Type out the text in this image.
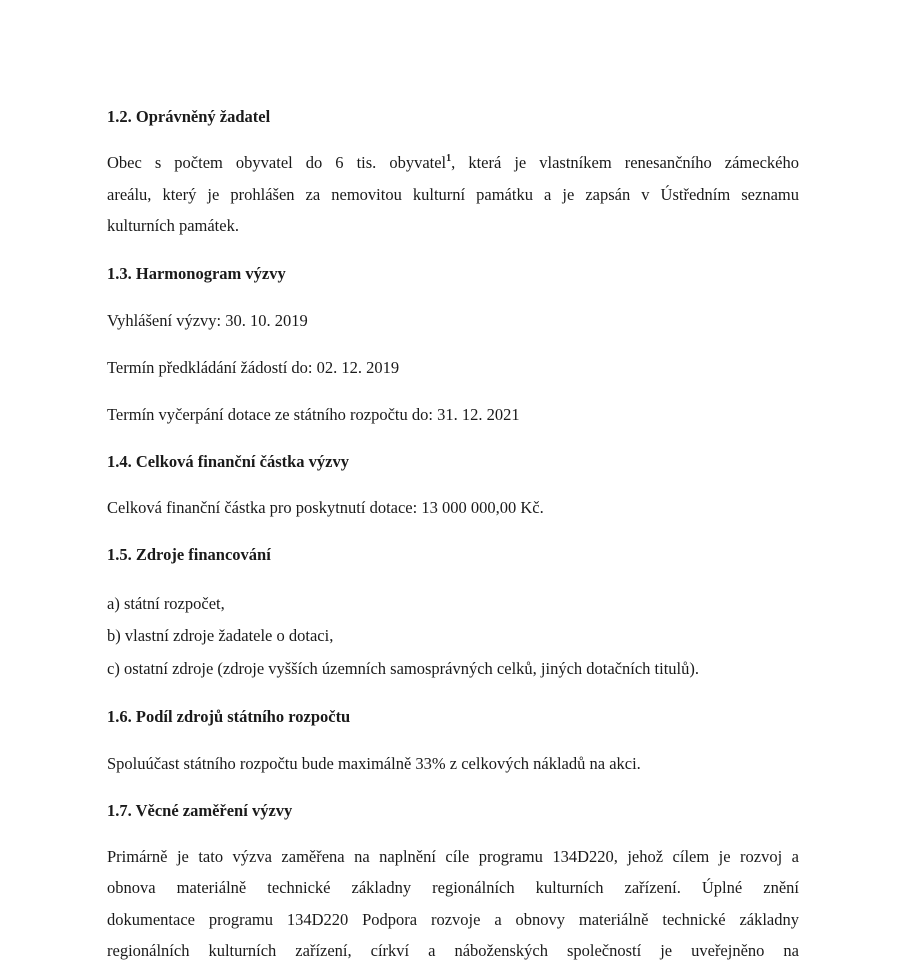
1.2. Oprávněný žadatel
Obec s počtem obyvatel do 6 tis. obyvatel$^1$, která je vlastníkem renesančního zámeckého
areálu, který je prohlášen za nemovitou kulturní památku a je zapsán v Ústředním seznamu
kulturních památek.
1.3. Harmonogram výzvy
Vyhlášení výzvy: 30. 10. 2019
Termín předkládání žádostí do: 02. 12. 2019
Termín vyčerpání dotace ze státního rozpočtu do: 31. 12. 2021
1.4. Celková finanční částka výzvy
Celková finanční částka pro poskytnutí dotace: 13 000 000,00 Kč.
1.5. Zdroje financování
a) státní rozpočet,
b) vlastní zdroje žadatele o dotaci,
c) ostatní zdroje (zdroje vyšších územních samosprávných celků, jiných dotačních titulů).
1.6. Podíl zdrojů státního rozpočtu
Spoluúčast státního rozpočtu bude maximálně 33% z celkových nákladů na akci.
1.7. Věcné zaměření výzvy
Primárně je tato výzva zaměřena na naplnění cíle programu 134D220, jehož cílem je rozvoj a
obnova materiálně technické základny regionálních kulturních zařízení. Úplné znění
dokumentace programu 134D220 Podpora rozvoje a obnovy materiálně technické základny
regionálních kulturních zařízení, církví a náboženských společností je uveřejněno na
